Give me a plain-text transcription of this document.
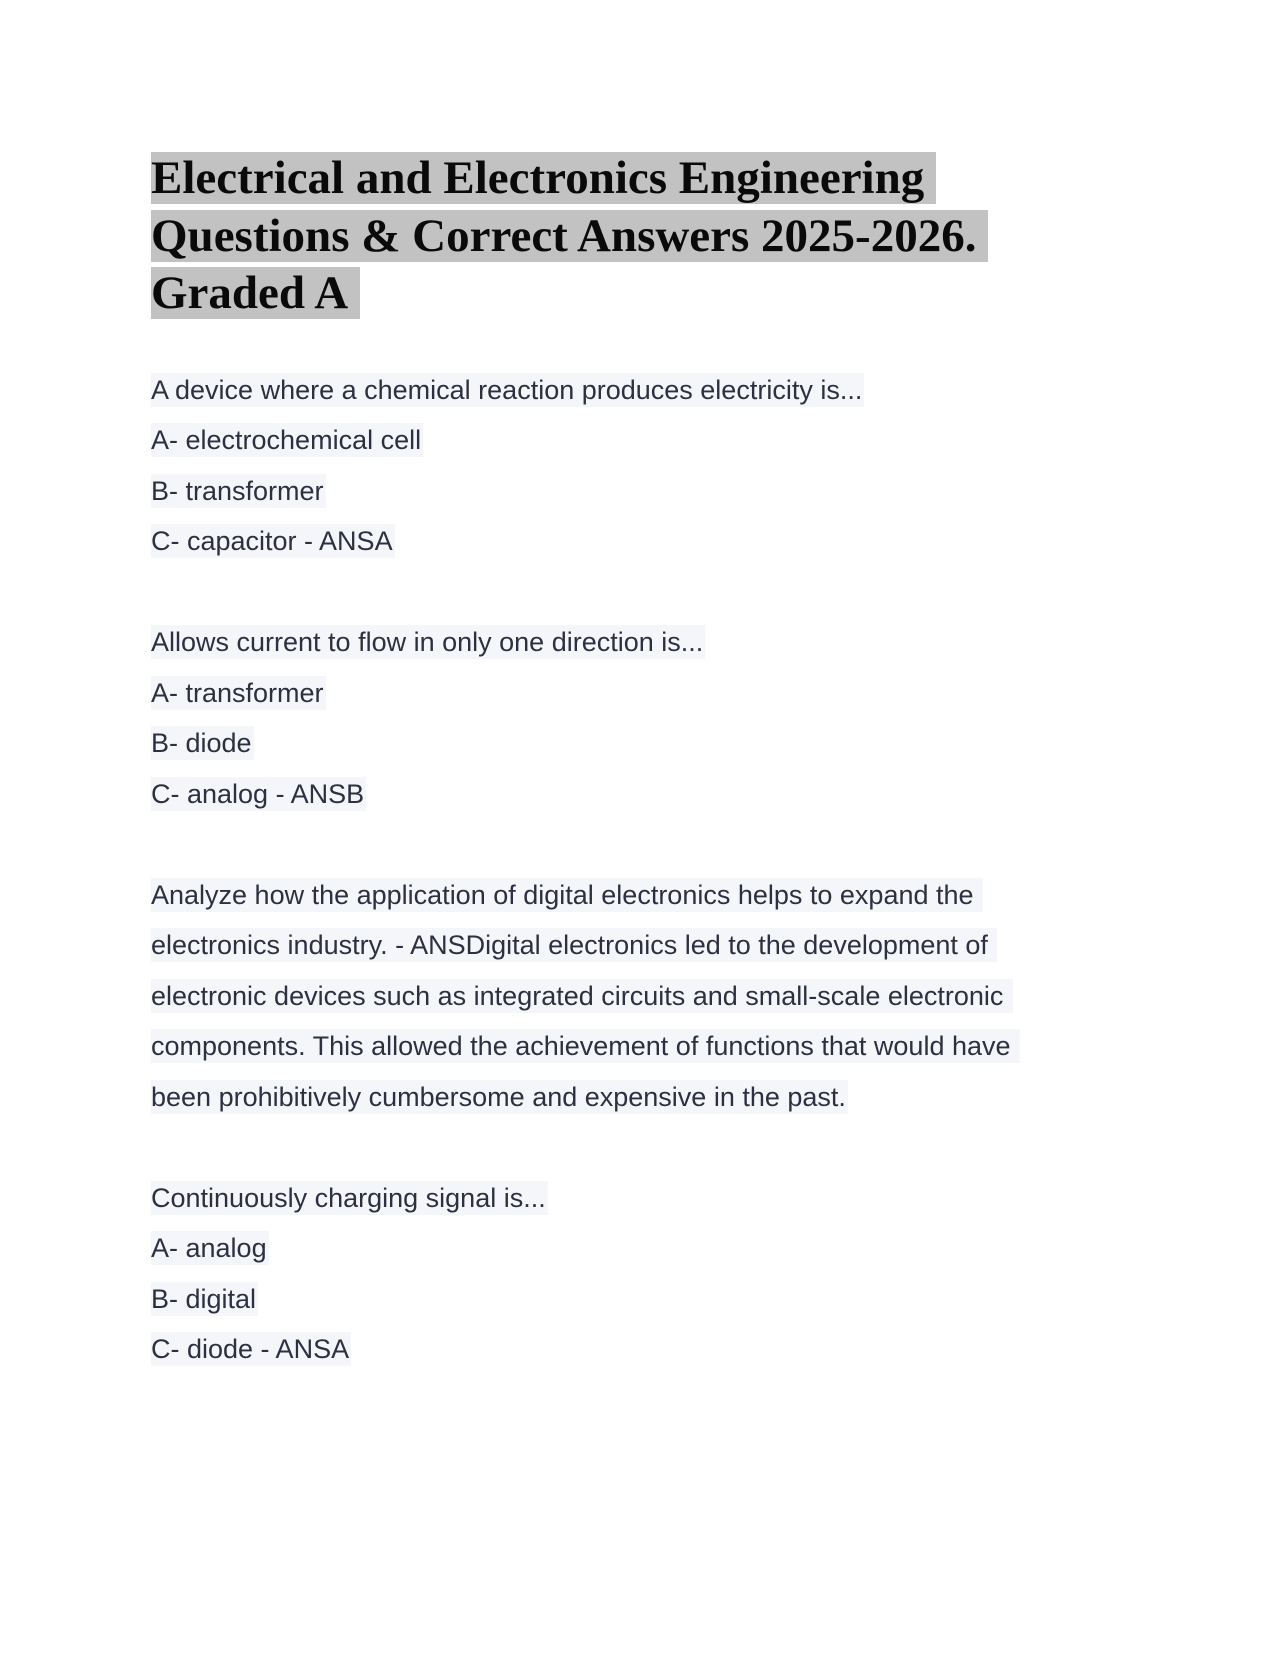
Electrical and Electronics Engineering
Questions & Correct Answers 2025-2026.
Graded A
A device where a chemical reaction produces electricity is...
A- electrochemical cell
B- transformer
C- capacitor - ANSA
Allows current to flow in only one direction is...
A- transformer
B- diode
C- analog - ANSB
Analyze how the application of digital electronics helps to expand the
electronics industry. - ANSDigital electronics led to the development of
electronic devices such as integrated circuits and small-scale electronic
components. This allowed the achievement of functions that would have
been prohibitively cumbersome and expensive in the past.
Continuously charging signal is...
A- analog
B- digital
C- diode - ANSA
